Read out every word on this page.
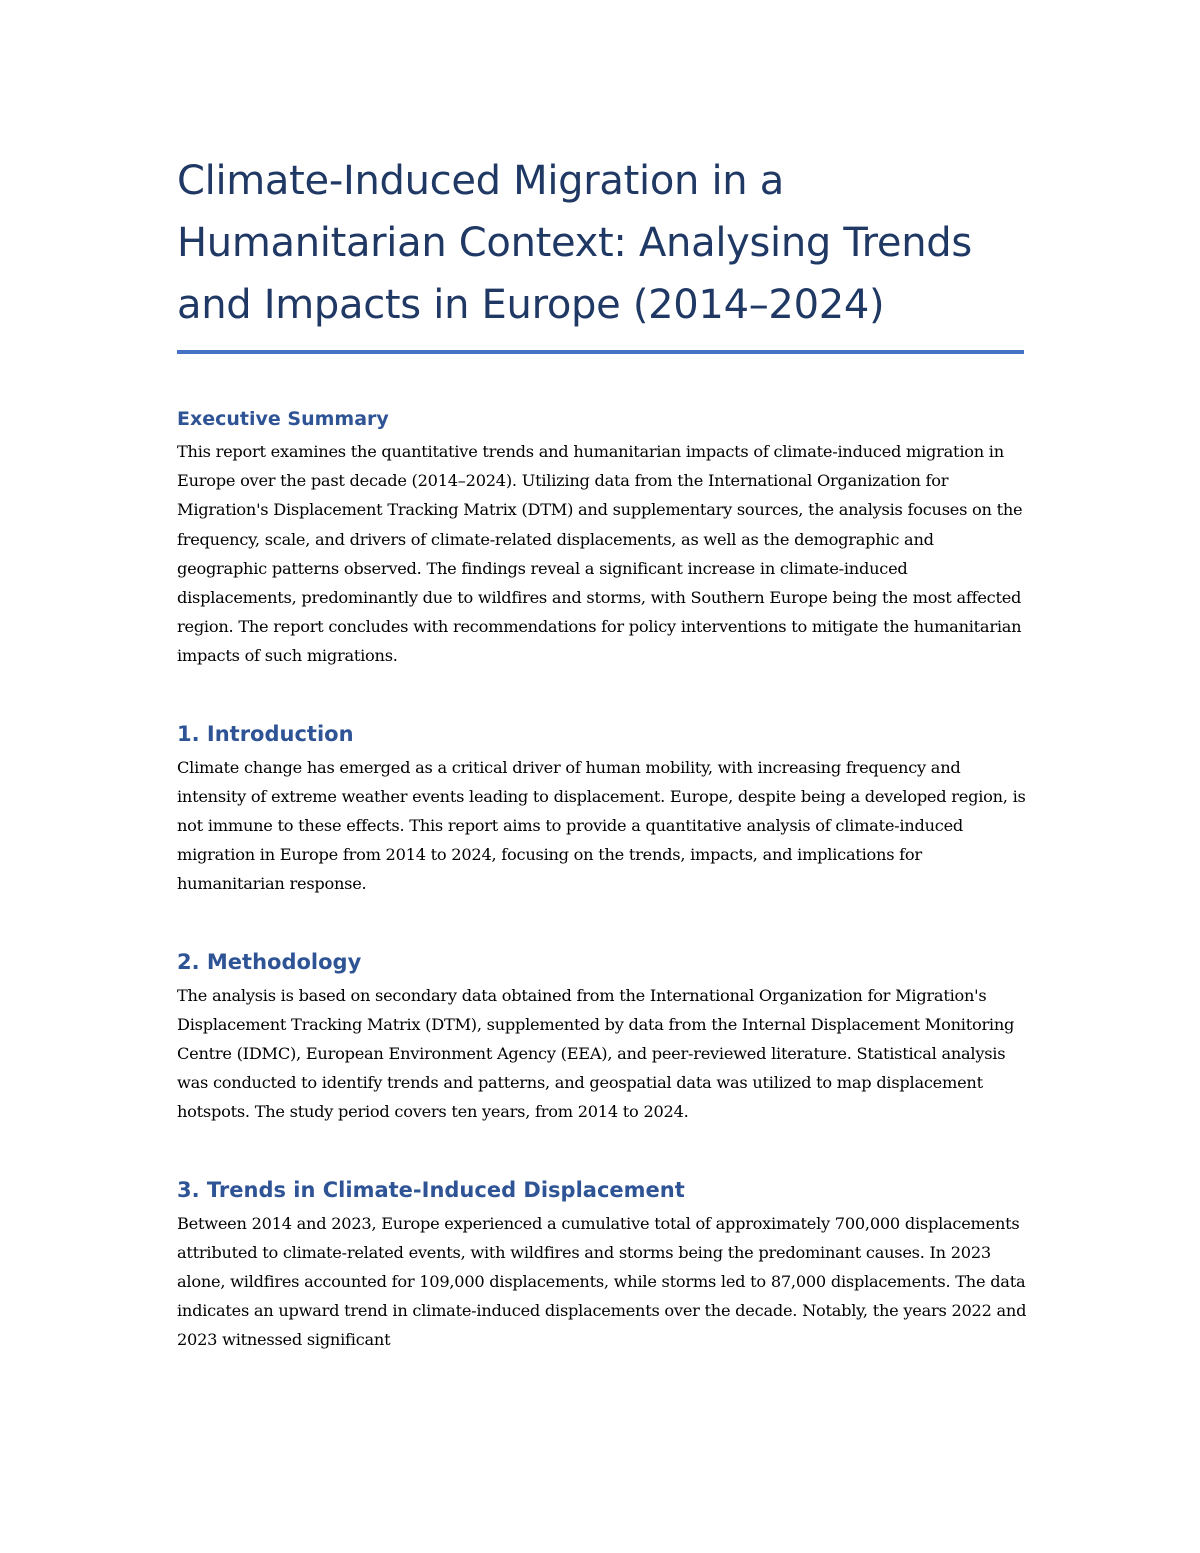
Climate-Induced Migration in a Humanitarian Context: Analysing Trends and Impacts in Europe (2014–2024)
Executive Summary

This report examines the quantitative trends and humanitarian impacts of climate-induced migration in Europe over the past decade (2014–2024). Utilizing data from the International Organization for Migration's Displacement Tracking Matrix (DTM) and supplementary sources, the analysis focuses on the frequency, scale, and drivers of climate-related displacements, as well as the demographic and geographic patterns observed. The findings reveal a significant increase in climate-induced displacements, predominantly due to wildfires and storms, with Southern Europe being the most affected region. The report concludes with recommendations for policy interventions to mitigate the humanitarian impacts of such migrations.

1. Introduction

Climate change has emerged as a critical driver of human mobility, with increasing frequency and intensity of extreme weather events leading to displacement. Europe, despite being a developed region, is not immune to these effects. This report aims to provide a quantitative analysis of climate-induced migration in Europe from 2014 to 2024, focusing on the trends, impacts, and implications for humanitarian response.

2. Methodology

The analysis is based on secondary data obtained from the International Organization for Migration's Displacement Tracking Matrix (DTM), supplemented by data from the Internal Displacement Monitoring Centre (IDMC), European Environment Agency (EEA), and peer-reviewed literature. Statistical analysis was conducted to identify trends and patterns, and geospatial data was utilized to map displacement hotspots. The study period covers ten years, from 2014 to 2024.

3. Trends in Climate-Induced Displacement

Between 2014 and 2023, Europe experienced a cumulative total of approximately 700,000 displacements attributed to climate-related events, with wildfires and storms being the predominant causes. In 2023 alone, wildfires accounted for 109,000 displacements, while storms led to 87,000 displacements. The data indicates an upward trend in climate-induced displacements over the decade. Notably, the years 2022 and 2023 witnessed significant
